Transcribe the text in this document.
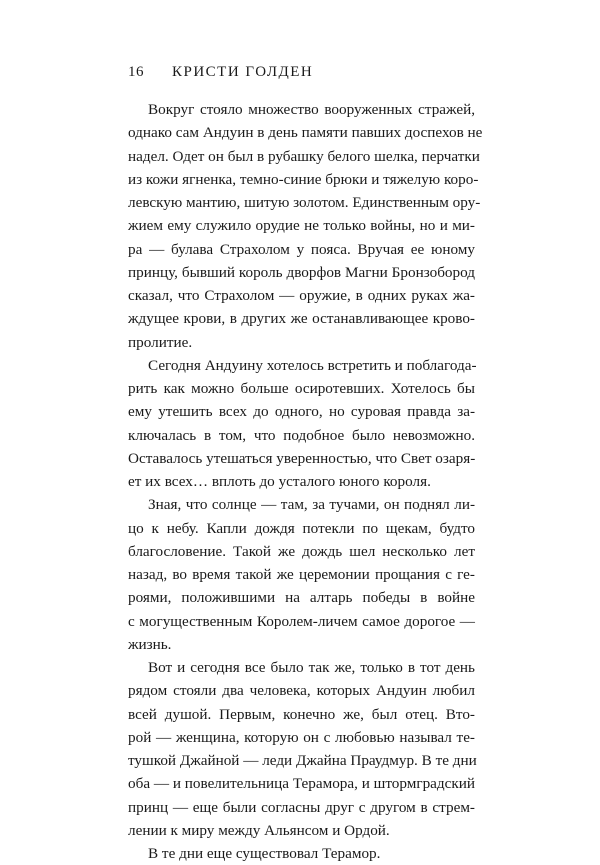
16 КРИСТИ ГОЛДЕН
Вокруг стояло множество вооруженных стражей,
однако сам Андуин в день памяти павших доспехов не
надел. Одет он был в рубашку белого шелка, перчатки
из кожи ягненка, темно-синие брюки и тяжелую коро-
левскую мантию, шитую золотом. Единственным ору-
жием ему служило орудие не только войны, но и ми-
ра — булава Страхолом у пояса. Вручая ее юному
принцу, бывший король дворфов Магни Бронзобород
сказал, что Страхолом — оружие, в одних руках жа-
ждущее крови, в других же останавливающее крово-
пролитие.
Сегодня Андуину хотелось встретить и поблагода-
рить как можно больше осиротевших. Хотелось бы
ему утешить всех до одного, но суровая правда за-
ключалась в том, что подобное было невозможно.
Оставалось утешаться уверенностью, что Свет озаря-
ет их всех… вплоть до усталого юного короля.
Зная, что солнце — там, за тучами, он поднял ли-
цо к небу. Капли дождя потекли по щекам, будто
благословение. Такой же дождь шел несколько лет
назад, во время такой же церемонии прощания с ге-
роями, положившими на алтарь победы в войне
с могущественным Королем-личем самое дорогое —
жизнь.
Вот и сегодня все было так же, только в тот день
рядом стояли два человека, которых Андуин любил
всей душой. Первым, конечно же, был отец. Вто-
рой — женщина, которую он с любовью называл те-
тушкой Джайной — леди Джайна Праудмур. В те дни
оба — и повелительница Терамора, и штормградский
принц — еще были согласны друг с другом в стрем-
лении к миру между Альянсом и Ордой.
В те дни еще существовал Терамор.
